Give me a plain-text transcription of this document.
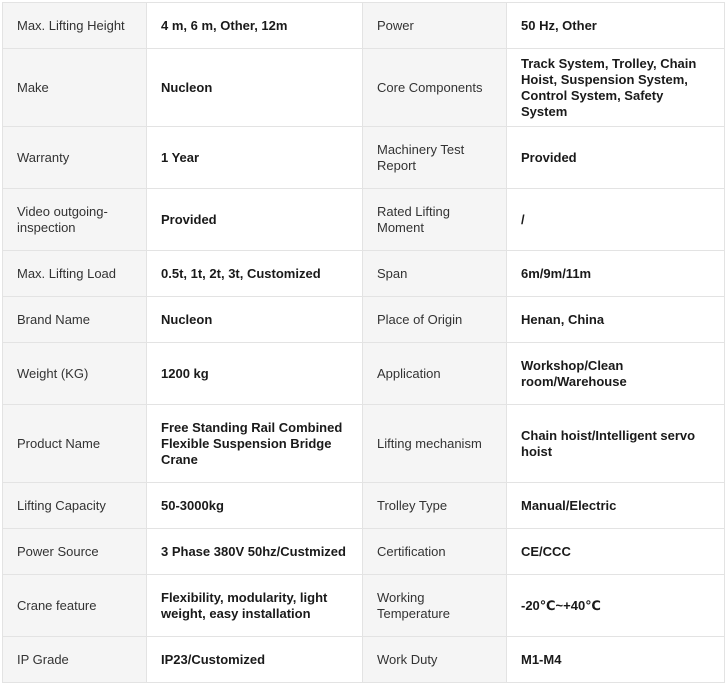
Max. Lifting Height	4 m, 6 m, Other, 12m	Power	50 Hz, Other
Make	Nucleon	Core Components	Track System, Trolley, Chain Hoist, Suspension System, Control System, Safety System
Warranty	1 Year	Machinery Test Report	Provided
Video outgoing-inspection	Provided	Rated Lifting Moment	/
Max. Lifting Load	0.5t, 1t, 2t, 3t, Customized	Span	6m/9m/11m
Brand Name	Nucleon	Place of Origin	Henan, China
Weight (KG)	1200 kg	Application	Workshop/Clean room/Warehouse
Product Name	Free Standing Rail Combined Flexible Suspension Bridge Crane	Lifting mechanism	Chain hoist/Intelligent servo hoist
Lifting Capacity	50-3000kg	Trolley Type	Manual/Electric
Power Source	3 Phase 380V 50hz/Custmized	Certification	CE/CCC
Crane feature	Flexibility, modularity, light weight, easy installation	Working Temperature	-20℃~+40℃
IP Grade	IP23/Customized	Work Duty	M1-M4
